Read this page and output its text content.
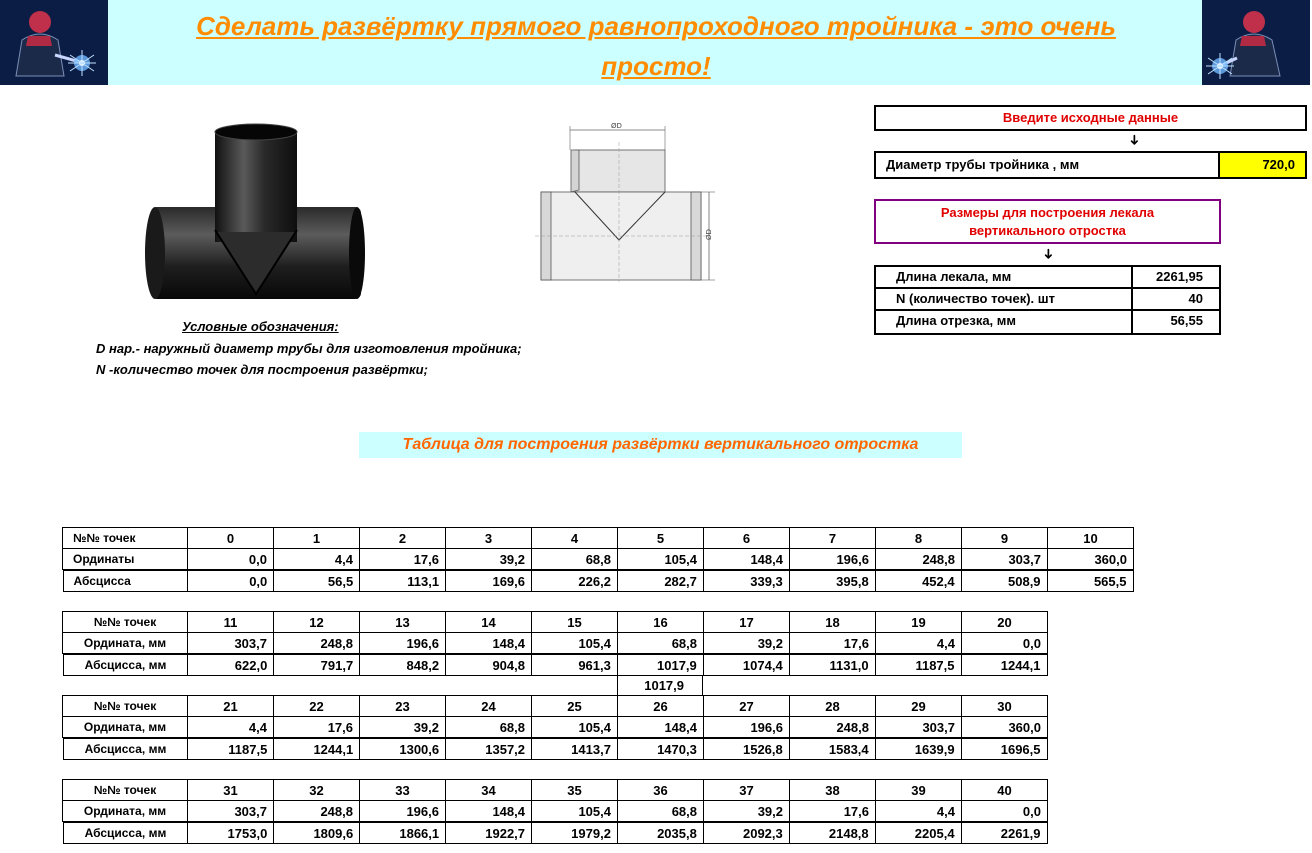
Сделать развёртку прямого равнопроходного тройника - это очень
просто!
ØD
ØD
Введите исходные данные
➜
Диаметр трубы тройника , мм	720,0
Размеры для построения лекала
вертикального отростка
➜
Длина лекала, мм	2261,95
N (количество точек). шт	40
Длина отрезка, мм	56,55
Условные обозначения:
D нар.- наружный диаметр трубы для изготовления тройника;
N -количество точек для построения развёртки;
Таблица для построения развёртки вертикального отростка
№№ точек	0	1	2	3	4	5	6	7	8	9	10
Ординаты	0,0	4,4	17,6	39,2	68,8	105,4	148,4	196,6	248,8	303,7	360,0

Абсцисса	0,0	56,5	113,1	169,6	226,2	282,7	339,3	395,8	452,4	508,9	565,5
№№ точек	11	12	13	14	15	16	17	18	19	20
Ордината, мм	303,7	248,8	196,6	148,4	105,4	68,8	39,2	17,6	4,4	0,0

Абсцисса, мм	622,0	791,7	848,2	904,8	961,3	1017,9	1074,4	1131,0	1187,5	1244,1
1017,9
№№ точек	21	22	23	24	25	26	27	28	29	30
Ордината, мм	4,4	17,6	39,2	68,8	105,4	148,4	196,6	248,8	303,7	360,0

Абсцисса, мм	1187,5	1244,1	1300,6	1357,2	1413,7	1470,3	1526,8	1583,4	1639,9	1696,5
№№ точек	31	32	33	34	35	36	37	38	39	40
Ордината, мм	303,7	248,8	196,6	148,4	105,4	68,8	39,2	17,6	4,4	0,0

Абсцисса, мм	1753,0	1809,6	1866,1	1922,7	1979,2	2035,8	2092,3	2148,8	2205,4	2261,9
